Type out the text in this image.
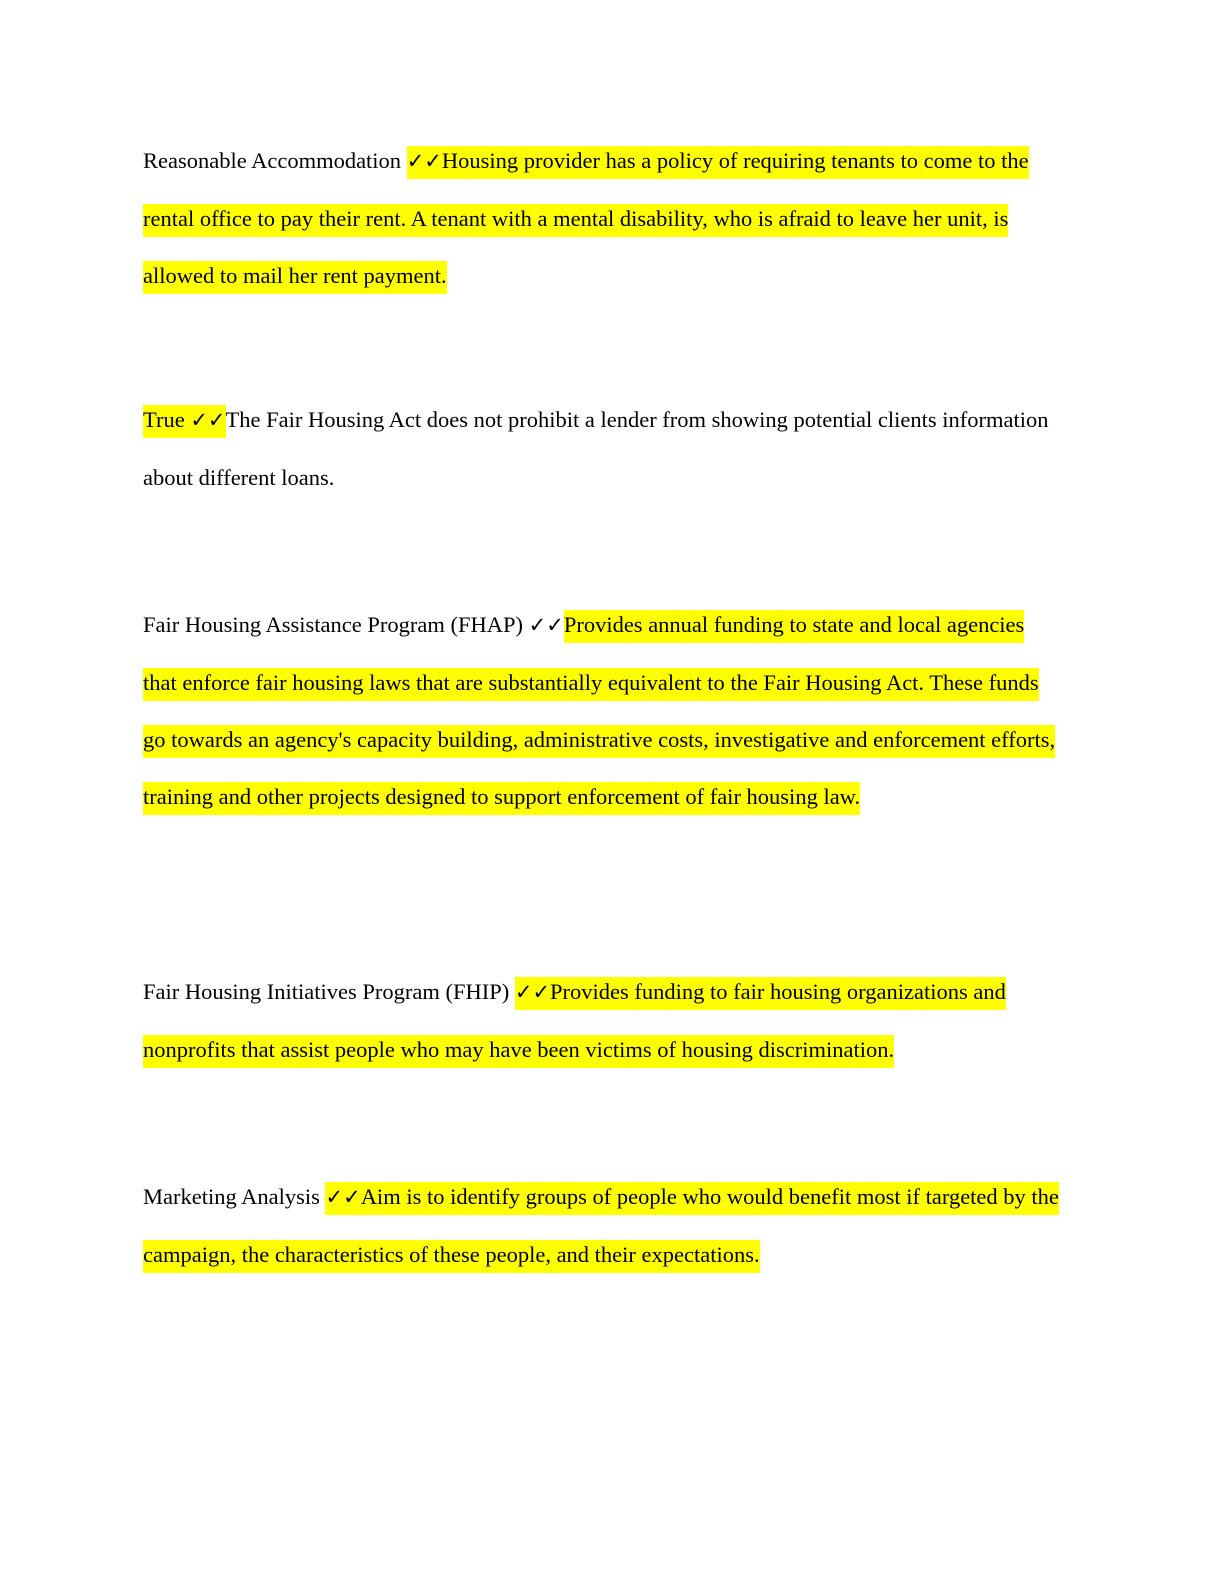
Reasonable Accommodation ✓✓Housing provider has a policy of requiring tenants to come to the rental office to pay their rent. A tenant with a mental disability, who is afraid to leave her unit, is allowed to mail her rent payment.

True ✓✓The Fair Housing Act does not prohibit a lender from showing potential clients information about different loans.

Fair Housing Assistance Program (FHAP) ✓✓Provides annual funding to state and local agencies that enforce fair housing laws that are substantially equivalent to the Fair Housing Act. These funds go towards an agency's capacity building, administrative costs, investigative and enforcement efforts, training and other projects designed to support enforcement of fair housing law.

Fair Housing Initiatives Program (FHIP) ✓✓Provides funding to fair housing organizations and nonprofits that assist people who may have been victims of housing discrimination.

Marketing Analysis ✓✓Aim is to identify groups of people who would benefit most if targeted by the campaign, the characteristics of these people, and their expectations.
